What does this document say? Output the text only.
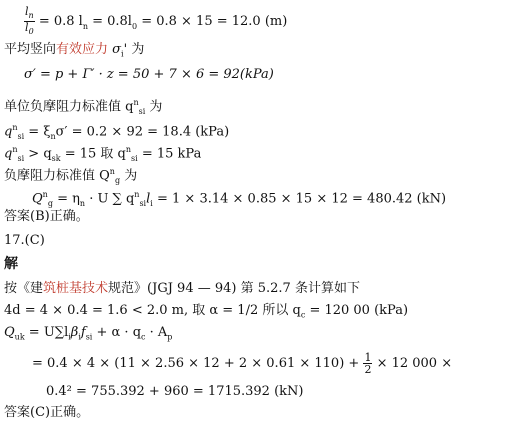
$\frac{l_n}{l_0} = 0.8$ $l_n = 0.8l_0 = 0.8 \times 15 = 12.0$ (m)
平均竖向有效应力 $\sigma_i'$ 为
σ′ = p + Γ′ · z = 50 + 7 × 6 = 92(kPa)
单位负摩阻力标准值 $q^n_{si}$ 为
$q^n_{si} = \xi_n\sigma' = 0.2 \times 92 = 18.4$ (kPa)
$q^n_{si} > q_{sk} = 15$ 取 $q^n_{si} = 15$ kPa
负摩阻力标准值 $Q^n_g$ 为
$Q^n_g = \eta_n \cdot U$ ∑ $q^n_{si}l_i = 1 \times 3.14 \times 0.85 \times 15 \times 12 = 480.42$ (kN)
答案(B)正确。
17.(C)
解
按《建筑桩基技术规范》(JGJ 94 — 94) 第 5.2.7 条计算如下
4d = 4 × 0.4 = 1.6 < 2.0 m, 取 α = 1/2 所以 $q_c = 120$ 00 (kPa)
$Q_{uk} = U\sum l_i\beta_if_{si} + \alpha \cdot q_c \cdot A_p$
= $0.4 \times 4 \times (11 \times 2.56 \times 12 + 2 \times 0.61 \times 110) + \frac{1}{2} \times 12$ 000 ×
0.4² = 755.392 + 960 = 1715.392 (kN)
答案(C)正确。
